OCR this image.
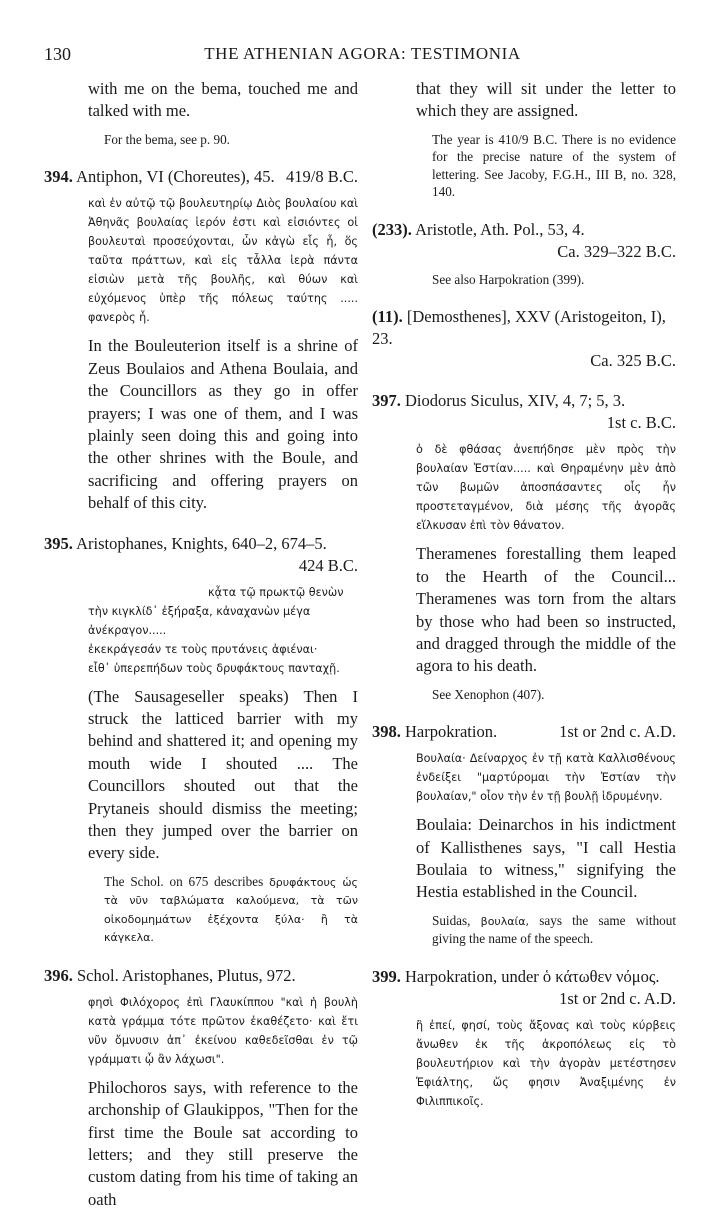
130	THE ATHENIAN AGORA: TESTIMONIA

with me on the bema, touched me and talked with me.

For the bema, see p. 90.

394. Antiphon, VI (Choreutes), 45. 419/8 B.C.

καὶ ἐν αὐτῷ τῷ βουλευτηρίῳ Διὸς βουλαίου καὶ Ἀθηνᾶς βουλαίας ἱερόν ἐστι καὶ εἰσιόντες οἱ βουλευταὶ προσεύχονται, ὧν κἀγὼ εἷς ἦ, ὅς ταῦτα πράττων, καὶ εἰς τἆλλα ἱερὰ πάντα εἰσιὼν μετὰ τῆς βουλῆς, καὶ θύων καὶ εὐχόμενος ὑπὲρ τῆς πόλεως ταύτης ..... φανερὸς ἦ.

In the Bouleuterion itself is a shrine of Zeus Boulaios and Athena Boulaia, and the Councillors as they go in offer prayers; I was one of them, and I was plainly seen doing this and going into the other shrines with the Boule, and sacrificing and offering prayers on behalf of this city.

395. Aristophanes, Knights, 640–2, 674–5.
424 B.C.

κᾆτα τῷ πρωκτῷ θενὼν
τὴν κιγκλίδ᾽ ἐξήραξα, κἀναχανὼν μέγα
ἀνέκραγον.....
ἐκεκράγεσάν τε τοὺς πρυτάνεις ἀφιέναι·
εἶθ᾽ ὑπερεπήδων τοὺς δρυφάκτους πανταχῇ.

(The Sausageseller speaks) Then I struck the latticed barrier with my behind and shattered it; and opening my mouth wide I shouted .... The Councillors shouted out that the Prytaneis should dismiss the meeting; then they jumped over the barrier on every side.

The Schol. on 675 describes δρυφάκτους ὡς τὰ νῦν ταβλώματα καλούμενα, τὰ τῶν οἰκοδομημάτων ἐξέχοντα ξύλα· ἢ τὰ κάγκελα.

396. Schol. Aristophanes, Plutus, 972.

φησὶ Φιλόχορος ἐπὶ Γλαυκίππου "καὶ ἡ βουλὴ κατὰ γράμμα τότε πρῶτον ἐκαθέζετο· καὶ ἔτι νῦν ὄμνυσιν ἀπ᾽ ἐκείνου καθεδεῖσθαι ἐν τῷ γράμματι ᾧ ἂν λάχωσι".

Philochoros says, with reference to the archonship of Glaukippos, "Then for the first time the Boule sat according to letters; and they still preserve the custom dating from his time of taking an oath

that they will sit under the letter to which they are assigned.

The year is 410/9 B.C. There is no evidence for the precise nature of the system of lettering. See Jacoby, F.G.H., III B, no. 328, 140.

(233). Aristotle, Ath. Pol., 53, 4.
Ca. 329–322 B.C.

See also Harpokration (399).

(11). [Demosthenes], XXV (Aristogeiton, I), 23.
Ca. 325 B.C.

397. Diodorus Siculus, XIV, 4, 7; 5, 3.
1st c. B.C.

ὁ δὲ φθάσας ἀνεπήδησε μὲν πρὸς τὴν βουλαίαν Ἑστίαν..... καὶ Θηραμένην μὲν ἀπὸ τῶν βωμῶν ἀποσπάσαντες οἷς ἦν προστεταγμένον, διὰ μέσης τῆς ἀγορᾶς εἵλκυσαν ἐπὶ τὸν θάνατον.

Theramenes forestalling them leaped to the Hearth of the Council... Theramenes was torn from the altars by those who had been so instructed, and dragged through the middle of the agora to his death.

See Xenophon (407).

398. Harpokration.	1st or 2nd c. A.D.

Βουλαία· Δείναρχος ἐν τῇ κατὰ Καλλισθένους ἐνδείξει "μαρτύρομαι τὴν Ἑστίαν τὴν βουλαίαν," οἷον τὴν ἐν τῇ βουλῇ ἱδρυμένην.

Boulaia: Deinarchos in his indictment of Kallisthenes says, "I call Hestia Boulaia to witness," signifying the Hestia established in the Council.

Suidas, βουλαία, says the same without giving the name of the speech.

399. Harpokration, under ὁ κάτωθεν νόμος.
1st or 2nd c. A.D.

ἢ ἐπεί, φησί, τοὺς ἄξονας καὶ τοὺς κύρβεις ἄνωθεν ἐκ τῆς ἀκροπόλεως εἰς τὸ βουλευτήριον καὶ τὴν ἀγορὰν μετέστησεν Ἐφιάλτης, ὥς φησιν Ἀναξιμένης ἐν Φιλιππικοῖς.
